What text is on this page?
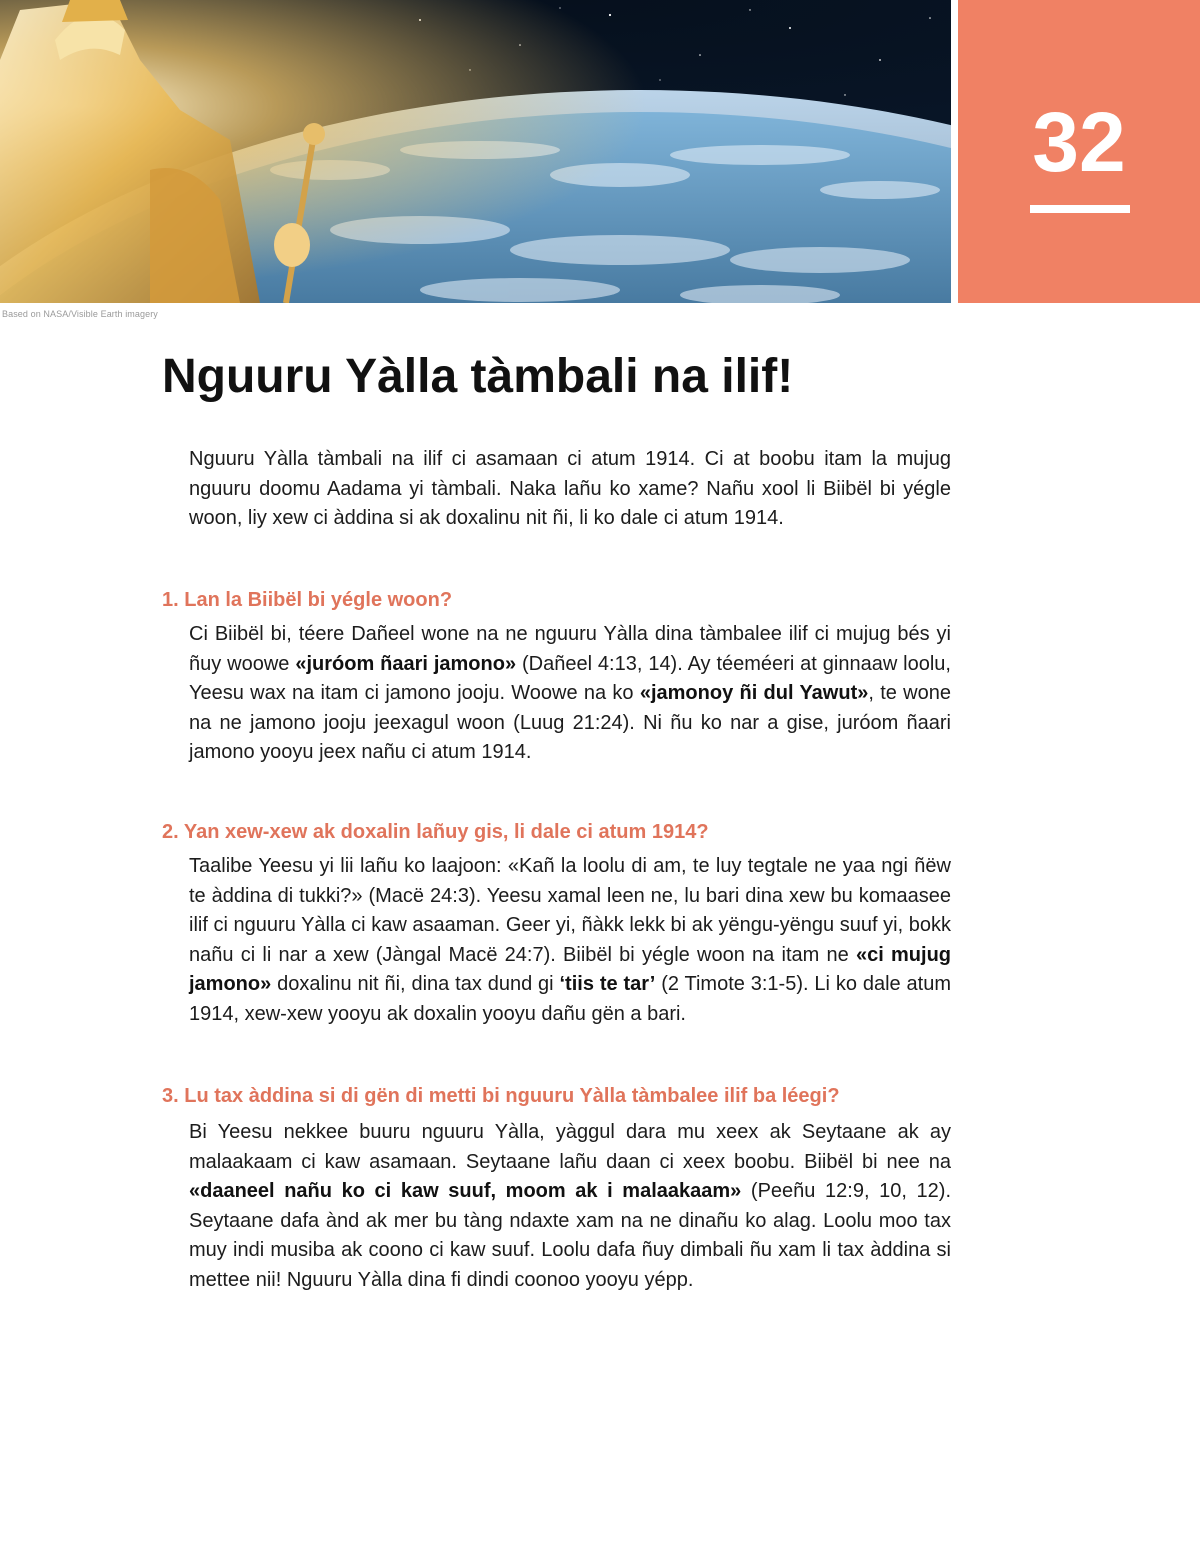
Based on NASA/Visible Earth imagery
32
Nguuru Yàlla tàmbali na ilif!

Nguuru Yàlla tàmbali na ilif ci asamaan ci atum 1914. Ci at boobu itam la mujug nguuru doomu Aadama yi tàmbali. Naka lañu ko xame? Nañu xool li Biibël bi yégle woon, liy xew ci àddina si ak doxalinu nit ñi, li ko dale ci atum 1914.

1. Lan la Biibël bi yégle woon?

Ci Biibël bi, téere Dañeel wone na ne nguuru Yàlla dina tàmbalee ilif ci mujug bés yi ñuy woowe «juróom ñaari jamono» (Dañeel 4:13, 14). Ay téeméeri at ginnaaw loolu, Yeesu wax na itam ci jamono jooju. Woowe na ko «jamonoy ñi dul Yawut», te wone na ne jamono jooju jeexagul woon (Luug 21:24). Ni ñu ko nar a gise, juróom ñaari jamono yooyu jeex nañu ci atum 1914.

2. Yan xew-xew ak doxalin lañuy gis, li dale ci atum 1914?

Taalibe Yeesu yi lii lañu ko laajoon: «Kañ la loolu di am, te luy tegtale ne yaa ngi ñëw te àddina di tukki?» (Macë 24:3). Yeesu xamal leen ne, lu bari dina xew bu komaasee ilif ci nguuru Yàlla ci kaw asaaman. Geer yi, ñàkk lekk bi ak yëngu-yëngu suuf yi, bokk nañu ci li nar a xew (Jàngal Macë 24:7). Biibël bi yégle woon na itam ne «ci mujug jamono» doxalinu nit ñi, dina tax dund gi ‘tiis te tar’ (2 Timote 3:1-5). Li ko dale atum 1914, xew-xew yooyu ak doxalin yooyu dañu gën a bari.

3. Lu tax àddina si di gën di metti bi nguuru Yàlla tàmbalee ilif ba léegi?

Bi Yeesu nekkee buuru nguuru Yàlla, yàggul dara mu xeex ak Seytaane ak ay malaakaam ci kaw asamaan. Seytaane lañu daan ci xeex boobu. Biibël bi nee na «daaneel nañu ko ci kaw suuf, moom ak i malaakaam» (Peeñu 12:9, 10, 12). Seytaane dafa ànd ak mer bu tàng ndaxte xam na ne dinañu ko alag. Loolu moo tax muy indi musiba ak coono ci kaw suuf. Loolu dafa ñuy dimbali ñu xam li tax àddina si mettee nii! Nguuru Yàlla dina fi dindi coonoo yooyu yépp.
